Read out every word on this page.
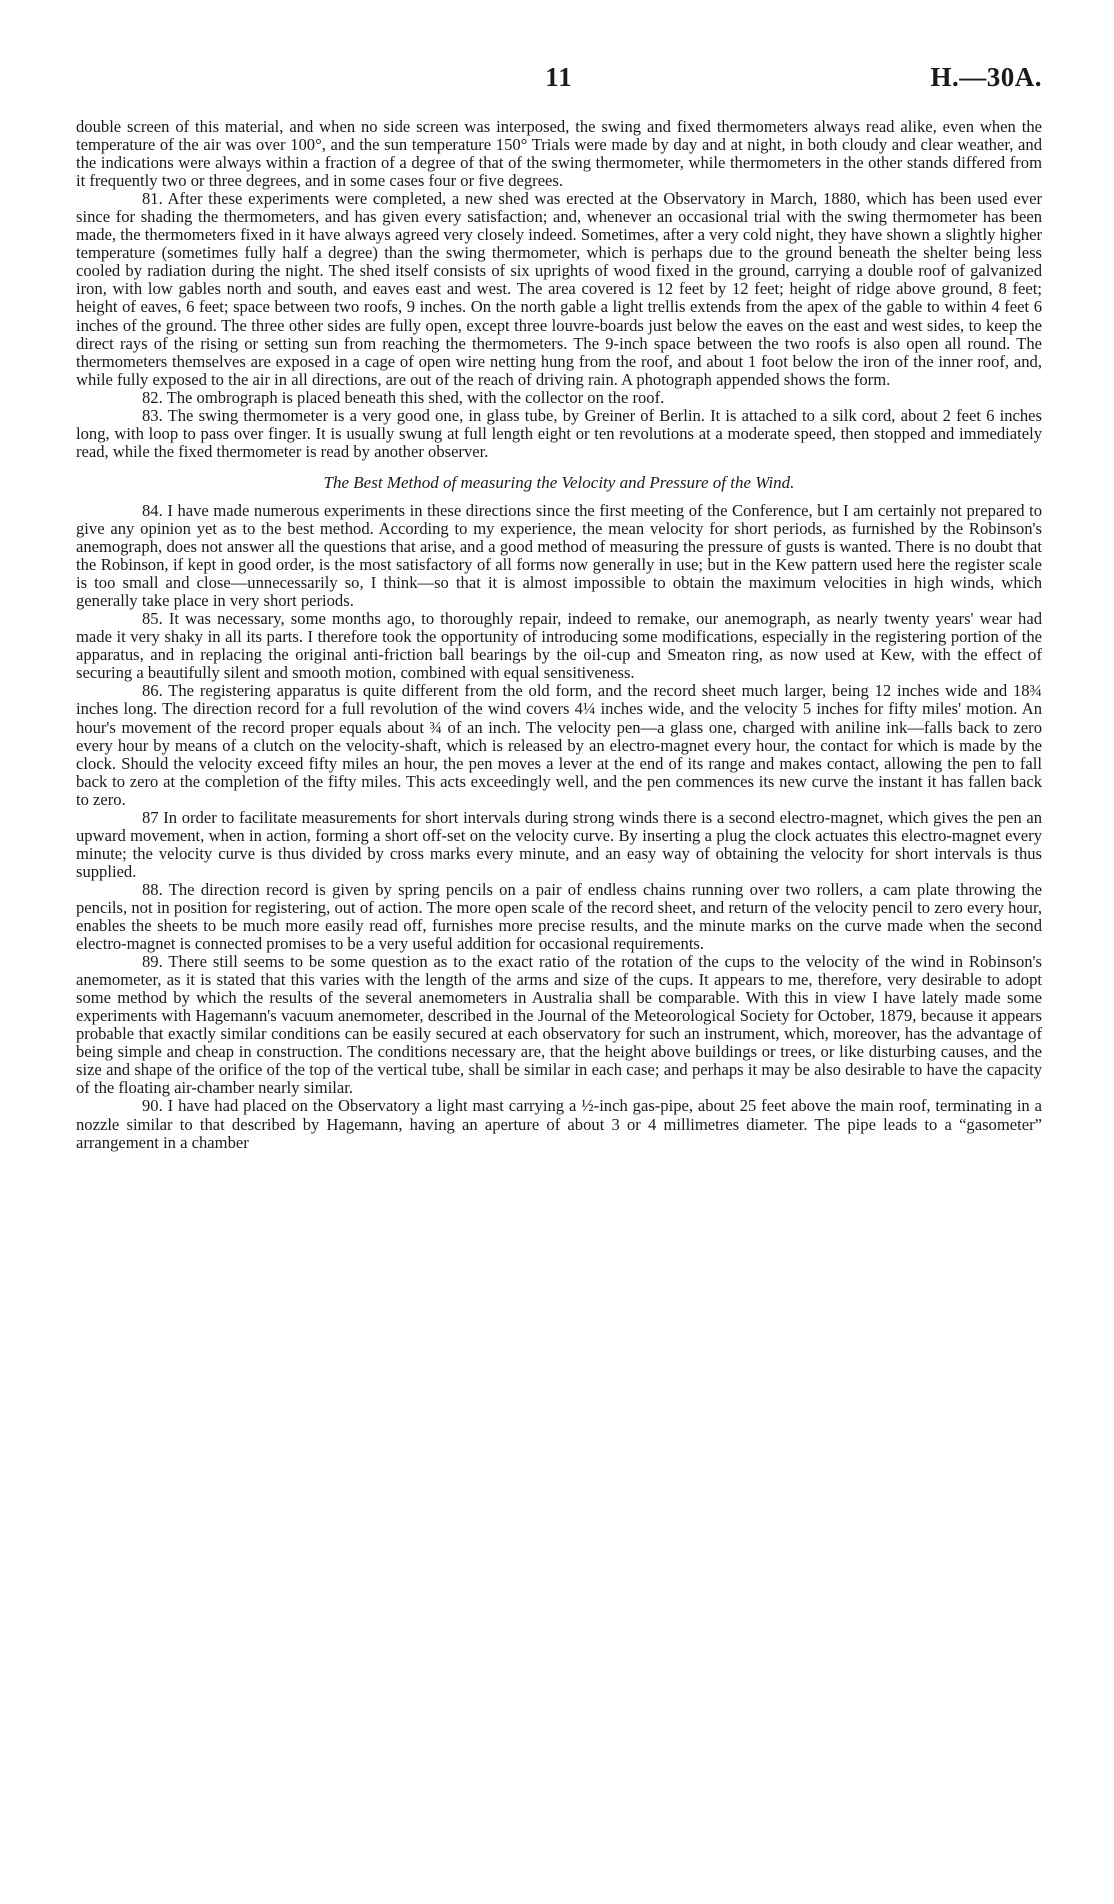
11	H.—30A.

double screen of this material, and when no side screen was interposed, the swing and fixed thermometers always read alike, even when the temperature of the air was over 100°, and the sun temperature 150° Trials were made by day and at night, in both cloudy and clear weather, and the indications were always within a fraction of a degree of that of the swing thermometer, while thermometers in the other stands differed from it frequently two or three degrees, and in some cases four or five degrees.

81. After these experiments were completed, a new shed was erected at the Observatory in March, 1880, which has been used ever since for shading the thermometers, and has given every satisfaction; and, whenever an occasional trial with the swing thermometer has been made, the thermometers fixed in it have always agreed very closely indeed. Sometimes, after a very cold night, they have shown a slightly higher temperature (sometimes fully half a degree) than the swing thermometer, which is perhaps due to the ground beneath the shelter being less cooled by radiation during the night. The shed itself consists of six uprights of wood fixed in the ground, carrying a double roof of galvanized iron, with low gables north and south, and eaves east and west. The area covered is 12 feet by 12 feet; height of ridge above ground, 8 feet; height of eaves, 6 feet; space between two roofs, 9 inches. On the north gable a light trellis extends from the apex of the gable to within 4 feet 6 inches of the ground. The three other sides are fully open, except three louvre-boards just below the eaves on the east and west sides, to keep the direct rays of the rising or setting sun from reaching the thermometers. The 9-inch space between the two roofs is also open all round. The thermometers themselves are exposed in a cage of open wire netting hung from the roof, and about 1 foot below the iron of the inner roof, and, while fully exposed to the air in all directions, are out of the reach of driving rain. A photograph appended shows the form.

82. The ombrograph is placed beneath this shed, with the collector on the roof.

83. The swing thermometer is a very good one, in glass tube, by Greiner of Berlin. It is attached to a silk cord, about 2 feet 6 inches long, with loop to pass over finger. It is usually swung at full length eight or ten revolutions at a moderate speed, then stopped and immediately read, while the fixed thermometer is read by another observer.

The Best Method of measuring the Velocity and Pressure of the Wind.

84. I have made numerous experiments in these directions since the first meeting of the Conference, but I am certainly not prepared to give any opinion yet as to the best method. According to my experience, the mean velocity for short periods, as furnished by the Robinson's anemograph, does not answer all the questions that arise, and a good method of measuring the pressure of gusts is wanted. There is no doubt that the Robinson, if kept in good order, is the most satisfactory of all forms now generally in use; but in the Kew pattern used here the register scale is too small and close—unnecessarily so, I think—so that it is almost impossible to obtain the maximum velocities in high winds, which generally take place in very short periods.

85. It was necessary, some months ago, to thoroughly repair, indeed to remake, our anemograph, as nearly twenty years' wear had made it very shaky in all its parts. I therefore took the opportunity of introducing some modifications, especially in the registering portion of the apparatus, and in replacing the original anti-friction ball bearings by the oil-cup and Smeaton ring, as now used at Kew, with the effect of securing a beautifully silent and smooth motion, combined with equal sensitiveness.

86. The registering apparatus is quite different from the old form, and the record sheet much larger, being 12 inches wide and 18¾ inches long. The direction record for a full revolution of the wind covers 4¼ inches wide, and the velocity 5 inches for fifty miles' motion. An hour's movement of the record proper equals about ¾ of an inch. The velocity pen—a glass one, charged with aniline ink—falls back to zero every hour by means of a clutch on the velocity-shaft, which is released by an electro-magnet every hour, the contact for which is made by the clock. Should the velocity exceed fifty miles an hour, the pen moves a lever at the end of its range and makes contact, allowing the pen to fall back to zero at the completion of the fifty miles. This acts exceedingly well, and the pen commences its new curve the instant it has fallen back to zero.

87 In order to facilitate measurements for short intervals during strong winds there is a second electro-magnet, which gives the pen an upward movement, when in action, forming a short off-set on the velocity curve. By inserting a plug the clock actuates this electro-magnet every minute; the velocity curve is thus divided by cross marks every minute, and an easy way of obtaining the velocity for short intervals is thus supplied.

88. The direction record is given by spring pencils on a pair of endless chains running over two rollers, a cam plate throwing the pencils, not in position for registering, out of action. The more open scale of the record sheet, and return of the velocity pencil to zero every hour, enables the sheets to be much more easily read off, furnishes more precise results, and the minute marks on the curve made when the second electro-magnet is connected promises to be a very useful addition for occasional requirements.

89. There still seems to be some question as to the exact ratio of the rotation of the cups to the velocity of the wind in Robinson's anemometer, as it is stated that this varies with the length of the arms and size of the cups. It appears to me, therefore, very desirable to adopt some method by which the results of the several anemometers in Australia shall be comparable. With this in view I have lately made some experiments with Hagemann's vacuum anemometer, described in the Journal of the Meteorological Society for October, 1879, because it appears probable that exactly similar conditions can be easily secured at each observatory for such an instrument, which, moreover, has the advantage of being simple and cheap in construction. The conditions necessary are, that the height above buildings or trees, or like disturbing causes, and the size and shape of the orifice of the top of the vertical tube, shall be similar in each case; and perhaps it may be also desirable to have the capacity of the floating air-chamber nearly similar.

90. I have had placed on the Observatory a light mast carrying a ½-inch gas-pipe, about 25 feet above the main roof, terminating in a nozzle similar to that described by Hagemann, having an aperture of about 3 or 4 millimetres diameter. The pipe leads to a “gasometer” arrangement in a chamber
